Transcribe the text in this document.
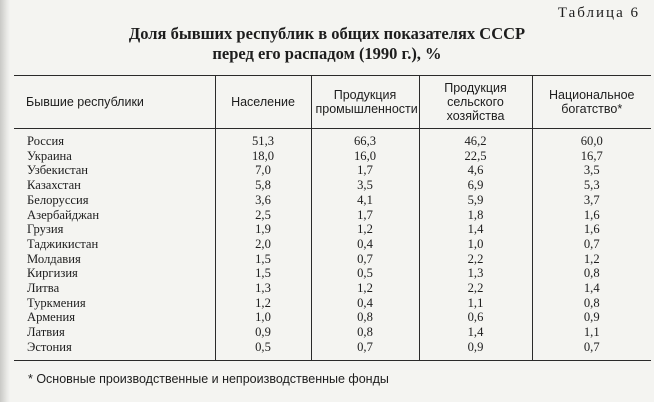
Таблица 6
Доля бывших республик в общих показателях СССР
перед его распадом (1990 г.), %
Бывшие республики	Население	Продукция промышленности	Продукция сельского хозяйства	Национальное богатство*
Россия	51,3	66,3	46,2	60,0
Украина	18,0	16,0	22,5	16,7
Узбекистан	7,0	1,7	4,6	3,5
Казахстан	5,8	3,5	6,9	5,3
Белоруссия	3,6	4,1	5,9	3,7
Азербайджан	2,5	1,7	1,8	1,6
Грузия	1,9	1,2	1,4	1,6
Таджикистан	2,0	0,4	1,0	0,7
Молдавия	1,5	0,7	2,2	1,2
Киргизия	1,5	0,5	1,3	0,8
Литва	1,3	1,2	2,2	1,4
Туркмения	1,2	0,4	1,1	0,8
Армения	1,0	0,8	0,6	0,9
Латвия	0,9	0,8	1,4	1,1
Эстония	0,5	0,7	0,9	0,7
* Основные производственные и непроизводственные фонды
